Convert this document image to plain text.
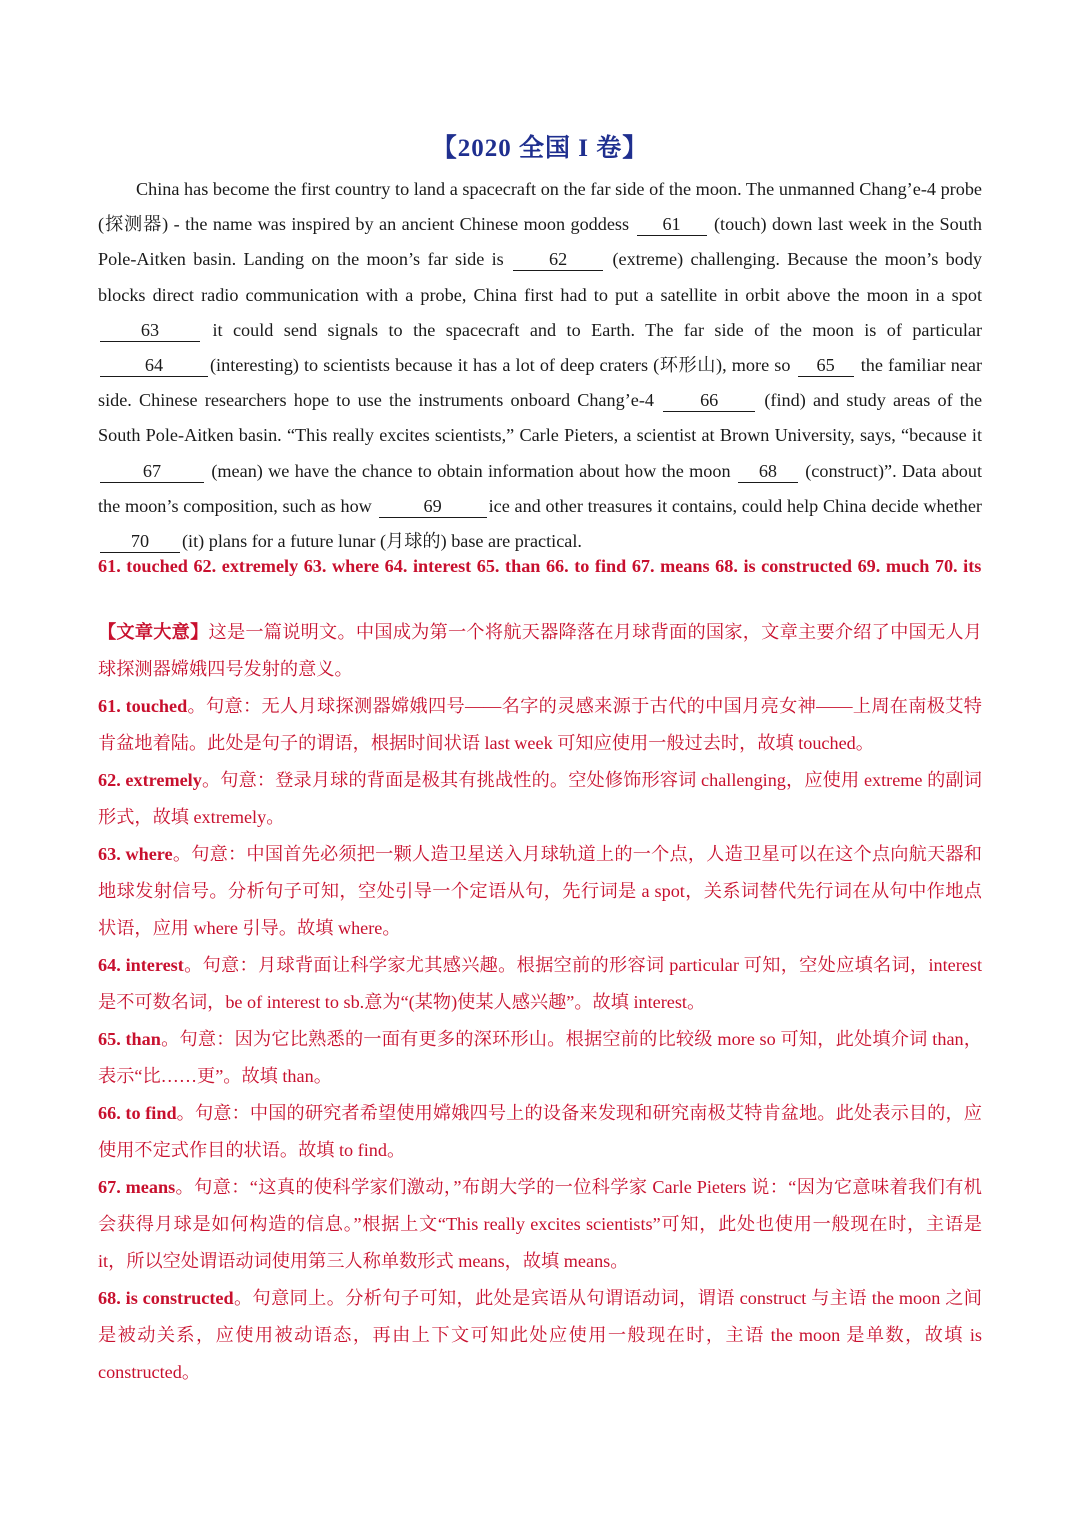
【2020 全国 I 卷】
China has become the first country to land a spacecraft on the far side of the moon. The unmanned Chang’e-4 probe (探测器) - the name was inspired by an ancient Chinese moon goddess 61 (touch) down last week in the South Pole-Aitken basin. Landing on the moon’s far side is 62 (extreme) challenging. Because the moon’s body blocks direct radio communication with a probe, China first had to put a satellite in orbit above the moon in a spot 63	it could send signals to the spacecraft and to Earth. The far side of the moon is of particular64	(interesting) to scientists because it has a lot of deep craters (环形山), more so 65 the familiar near side. Chinese researchers hope to use the instruments onboard Chang’e-4	66	(find) and study areas of the South Pole-Aitken basin. “This really excites scientists,” Carle Pieters, a scientist at Brown University, says, “because it 67	(mean) we have the chance to obtain information about how the moon 68 (construct)”. Data about the moon’s composition, such as how	69	ice and other treasures it contains, could help China decide whether 70 (it) plans for a future lunar (月球的) base are practical.
61. touched 62. extremely 63. where 64. interest 65. than 66. to find 67. means 68. is constructed 69. much 70. its

【文章大意】这是一篇说明文。中国成为第一个将航天器降落在月球背面的国家，文章主要介绍了中国无人月球探测器嫦娥四号发射的意义。

61. touched。句意：无人月球探测器嫦娥四号——名字的灵感来源于古代的中国月亮女神——上周在南极艾特肯盆地着陆。此处是句子的谓语，根据时间状语 last week 可知应使用一般过去时，故填 touched。

62. extremely。句意：登录月球的背面是极其有挑战性的。空处修饰形容词 challenging，应使用 extreme 的副词形式，故填 extremely。

63. where。句意：中国首先必须把一颗人造卫星送入月球轨道上的一个点，人造卫星可以在这个点向航天器和地球发射信号。分析句子可知，空处引导一个定语从句，先行词是 a spot，关系词替代先行词在从句中作地点状语，应用 where 引导。故填 where。

64. interest。句意：月球背面让科学家尤其感兴趣。根据空前的形容词 particular 可知，空处应填名词，interest 是不可数名词，be of interest to sb.意为“(某物)使某人感兴趣”。故填 interest。

65. than。句意：因为它比熟悉的一面有更多的深环形山。根据空前的比较级 more so 可知，此处填介词 than，表示“比……更”。故填 than。

66. to find。句意：中国的研究者希望使用嫦娥四号上的设备来发现和研究南极艾特肯盆地。此处表示目的，应使用不定式作目的状语。故填 to find。

67. means。句意：“这真的使科学家们激动，”布朗大学的一位科学家 Carle Pieters 说：“因为它意味着我们有机会获得月球是如何构造的信息。”根据上文“This really excites scientists”可知，此处也使用一般现在时，主语是 it，所以空处谓语动词使用第三人称单数形式 means，故填 means。

68. is constructed。句意同上。分析句子可知，此处是宾语从句谓语动词，谓语 construct 与主语 the moon 之间是被动关系，应使用被动语态，再由上下文可知此处应使用一般现在时，主语 the moon 是单数，故填 is constructed。
